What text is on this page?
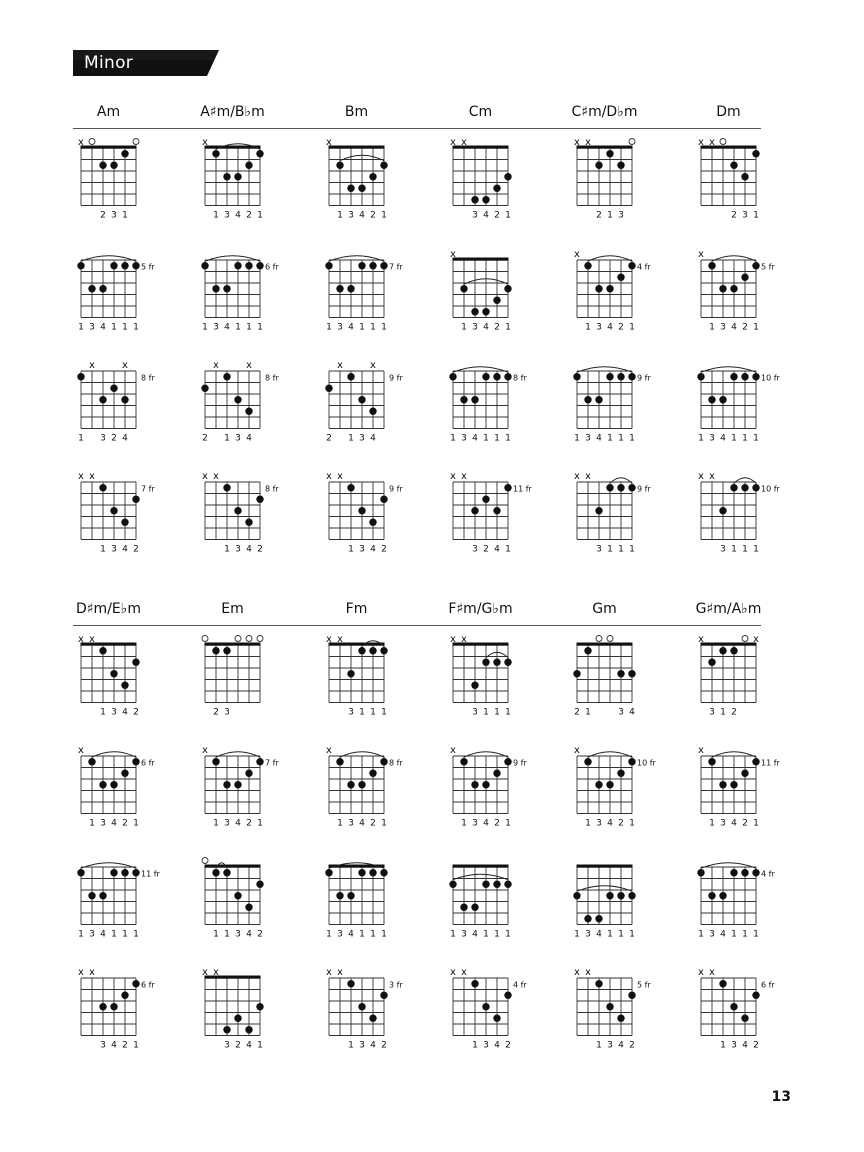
Minor
Am	A♯m/B♭m	Bm	Cm	C♯m/D♭m	Dm
D♯m/E♭m	Em	Fm	F♯m/G♭m	Gm	G♯m/A♭m
13
x
2 3 1
5 fr
1 3 4 1 1 1
x	x
8 fr
1 3 2 4
x x
7 fr
1 3 4 2
x
1 3 4 2 1
6 fr
1 3 4 1 1 1
x	x
8 fr
2 1 3 4
x x
8 fr
1 3 4 2
x
1 3 4 2 1
7 fr
1 3 4 1 1 1
x	x
9 fr
2 1 3 4
x x
9 fr
1 3 4 2
x x
3 4 2 1
x
1 3 4 2 1
8 fr
1 3 4 1 1 1
x x
11 fr
3 2 4 1
x x
2 1 3
x
4 fr
1 3 4 2 1
9 fr
1 3 4 1 1 1
x x
9 fr
3 1 1 1
x x
2 3 1
x
5 fr
1 3 4 2 1
10 fr
1 3 4 1 1 1
x x
10 fr
3 1 1 1
x x
1 3 4 2
x
6 fr
1 3 4 2 1
11 fr
1 3 4 1 1 1
x x
6 fr
3 4 2 1
2 3
x
7 fr
1 3 4 2 1
1 1 3 4 2
x x
3 2 4 1
x x
3 1 1 1
x
8 fr
1 3 4 2 1
1 3 4 1 1 1
x x
3 fr
1 3 4 2
x x
3 1 1 1
x
9 fr
1 3 4 2 1
1 3 4 1 1 1
x x
4 fr
1 3 4 2
2 1	3 4
x
10 fr
1 3 4 2 1
1 3 4 1 1 1
x x
5 fr
1 3 4 2
x	x
3 1 2
x
11 fr
1 3 4 2 1
4 fr
1 3 4 1 1 1
x x
6 fr
1 3 4 2
